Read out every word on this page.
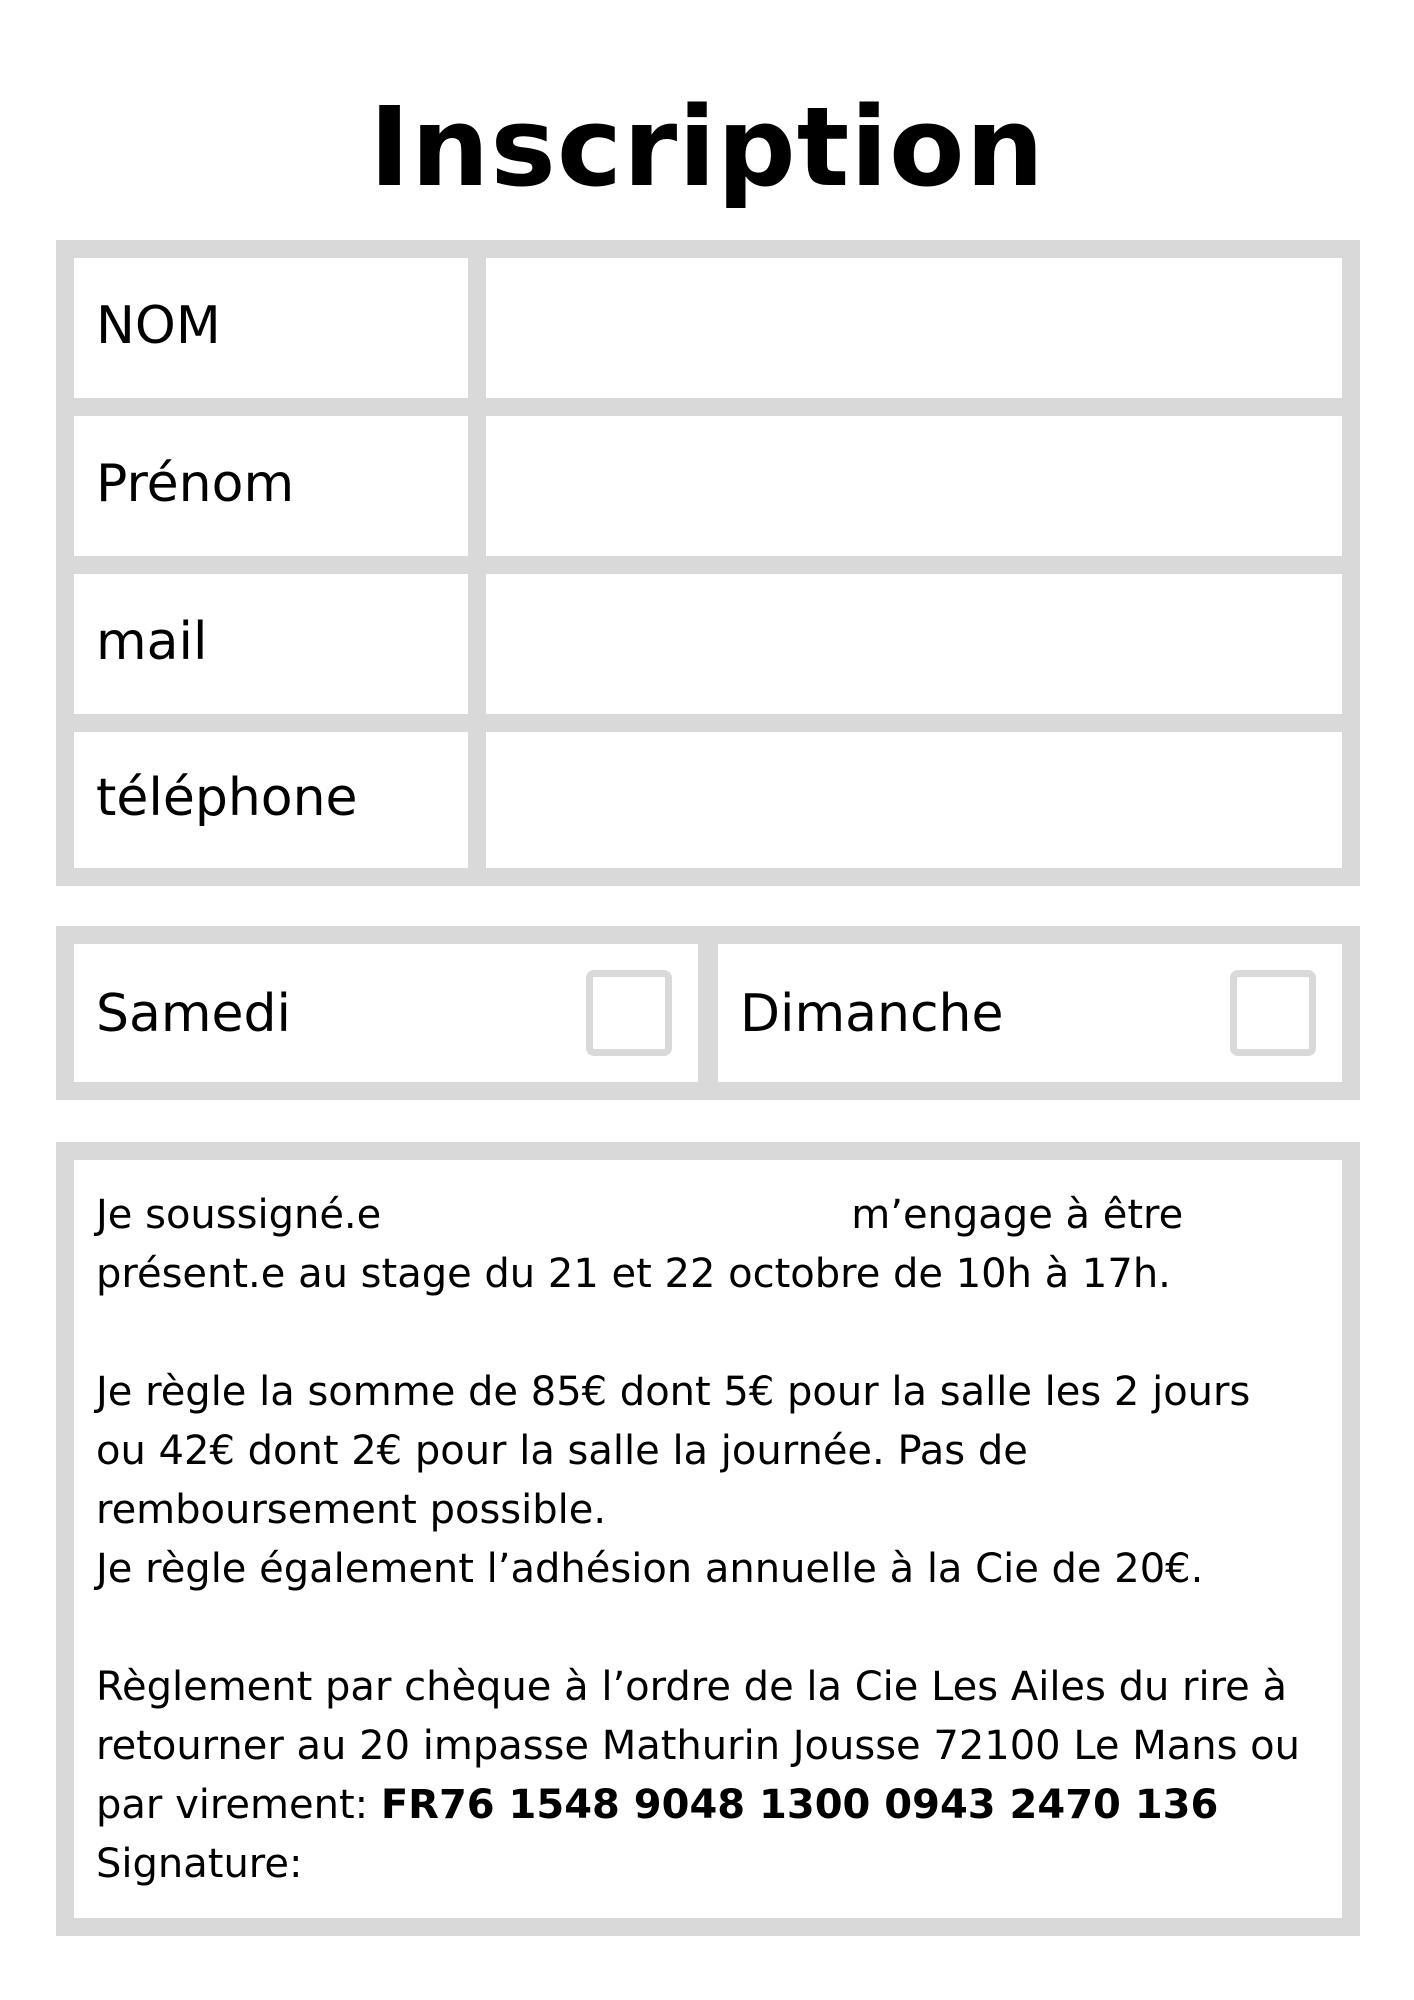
Inscription
NOM
Prénom
mail
téléphone
Samedi	Dimanche
Je soussigné.e	m’engage à être
présent.e au stage du 21 et 22 octobre de 10h à 17h.
Je règle la somme de 85€ dont 5€ pour la salle les 2 jours
ou 42€ dont 2€ pour la salle la journée. Pas de
remboursement possible.
Je règle également l’adhésion annuelle à la Cie de 20€.
Règlement par chèque à l’ordre de la Cie Les Ailes du rire à
retourner au 20 impasse Mathurin Jousse 72100 Le Mans ou
par virement: FR76 1548 9048 1300 0943 2470 136
Signature:
